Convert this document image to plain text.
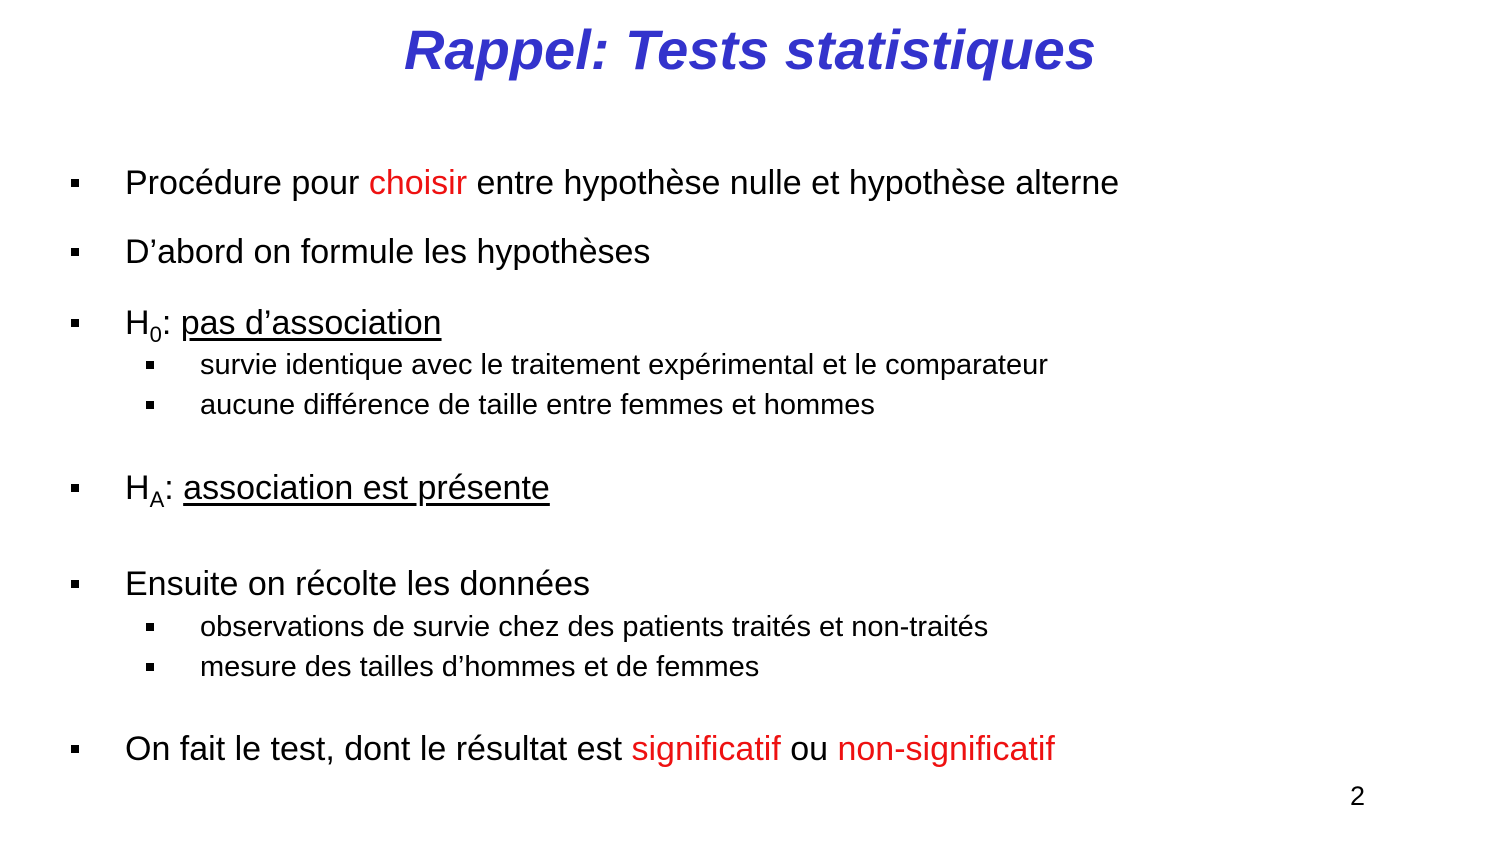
Rappel: Tests statistiques
Procédure pour choisir entre hypothèse nulle et hypothèse alterne
D’abord on formule les hypothèses
$H_0$: pas d’association
survie identique avec le traitement expérimental et le comparateur
aucune différence de taille entre femmes et hommes
$H_A$: association est présente
Ensuite on récolte les données
observations de survie chez des patients traités et non-traités
mesure des tailles d’hommes et de femmes
On fait le test, dont le résultat est significatif ou non-significatif
2
